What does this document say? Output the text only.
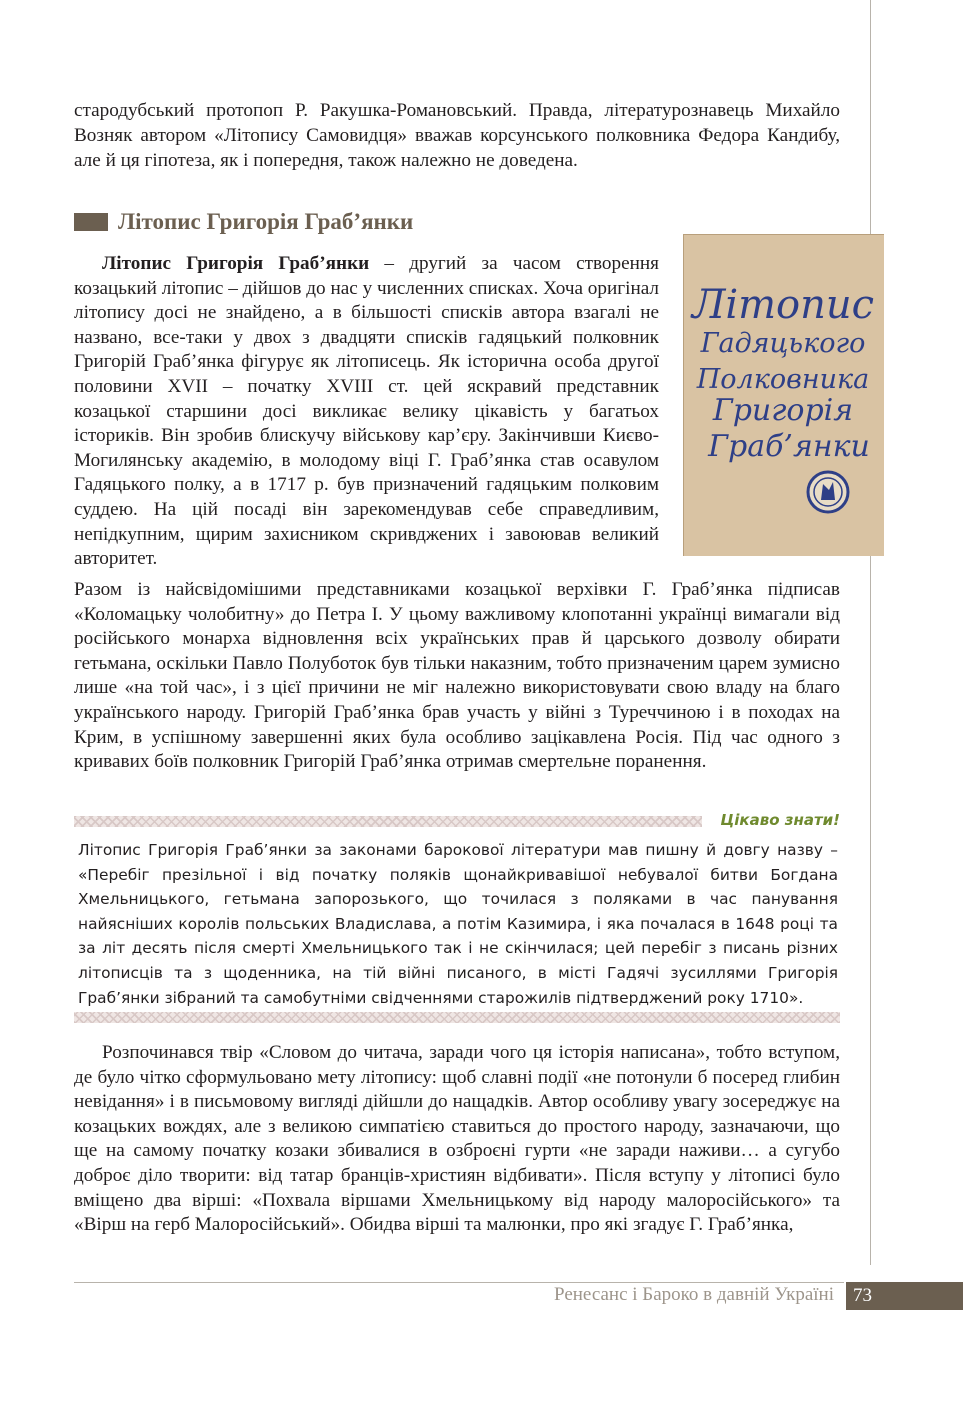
стародубський протопоп Р. Ракушка-Романовський. Правда, літературознавець Михайло Возняк автором «Літопису Самовидця» вважав корсунського полковника Федора Кандибу, але й ця гіпотеза, як і попередня, також належно не доведена.

Літопис Григорія Граб’янки

Літопис Григорія Граб’янки – другий за часом створення козацький літопис – дійшов до нас у численних списках. Хоча оригінал літопису досі не знайдено, а в більшості списків автора взагалі не названо, все-таки у двох з двадцяти списків гадяцький полковник Григорій Граб’янка фігурує як літописець. Як історична особа другої половини XVII – початку XVIII ст. цей яскравий представник козацької старшини досі викликає велику цікавість у багатьох істориків. Він зробив блискучу військову кар’єру. Закінчивши Києво-Могилянську академію, в молодому віці Г. Граб’янка став осавулом Гадяцького полку, а в 1717 р. був призначений гадяцьким полковим суддею. На цій посаді він зарекомендував себе справедливим, непідкупним, щирим захисником скривджених і завоював великий авторитет.

Літопис
Гадяцького
Полковника
Григорія
Граб’янки

Разом із найсвідомішими представниками козацької верхівки Г. Граб’янка підписав «Коломацьку чолобитну» до Петра I. У цьому важливому клопотанні українці вимагали від російського монарха відновлення всіх українських прав й царського дозволу обирати гетьмана, оскільки Павло Полуботок був тільки наказним, тобто призначеним царем зумисно лише «на той час», і з цієї причини не міг належно використовувати свою владу на благо українського народу. Григорій Граб’янка брав участь у війні з Туреччиною і в походах на Крим, в успішному завершенні яких була особливо зацікавлена Росія. Під час одного з кривавих боїв полковник Григорій Граб’янка отримав смертельне поранення.

Цікаво знати!

Літопис Григорія Граб’янки за законами барокової літератури мав пишну й довгу назву – «Перебіг презільної і від початку поляків щонайкривавішої небувалої битви Богдана Хмельницького, гетьмана запорозького, що точилася з поляками в час панування найясніших королів польських Владислава, а потім Казимира, і яка почалася в 1648 році та за літ десять після смерті Хмельницького так і не скінчилася; цей перебіг з писань різних літописців та з щоденника, на тій війні писаного, в місті Гадячі зусиллями Григорія Граб’янки зібраний та самобутніми свідченнями старожилів підтверджений року 1710».

Розпочинався твір «Словом до читача, заради чого ця історія написана», тобто вступом, де було чітко сформульовано мету літопису: щоб славні події «не потонули б посеред глибин невідання» і в письмовому вигляді дійшли до нащадків. Автор особливу увагу зосереджує на козацьких вождях, але з великою симпатією ставиться до простого народу, зазначаючи, що ще на самому початку козаки збивалися в озброєні гурти «не заради наживи… а сугубо доброє діло творити: від татар бранців-християн відбивати». Після вступу у літописі було вміщено два вірші: «Похвала віршами Хмельницькому від народу малоросійського» та «Вірш на герб Малоросійський». Обидва вірші та малюнки, про які згадує Г. Граб’янка,

Ренесанс і Бароко в давній Україні	73
